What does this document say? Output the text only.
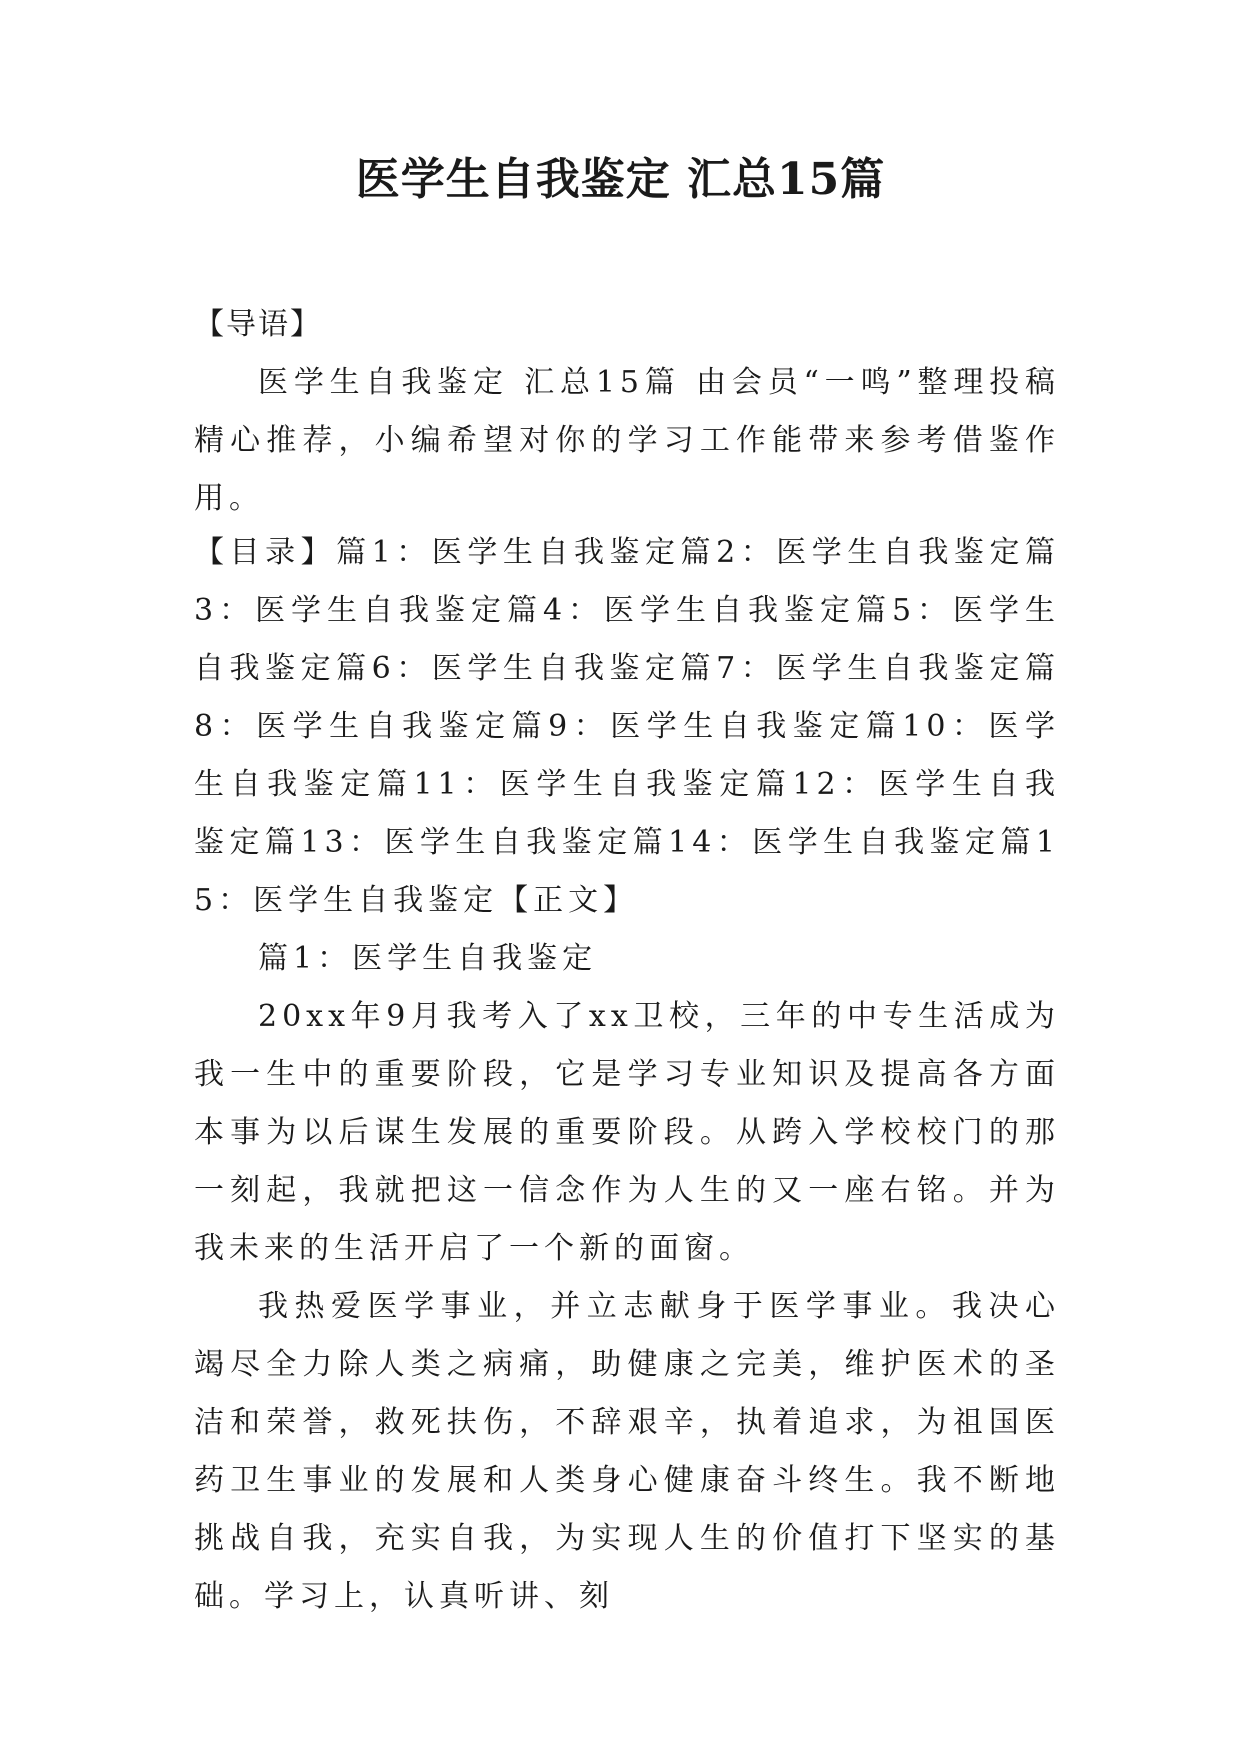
医学生自我鉴定 汇总15篇

【导语】

医学生自我鉴定 汇总15篇 由会员“一鸣”整理投稿精心推荐，小编希望对你的学习工作能带来参考借鉴作用。

【目录】篇1：医学生自我鉴定篇2：医学生自我鉴定篇3：医学生自我鉴定篇4：医学生自我鉴定篇5：医学生自我鉴定篇6：医学生自我鉴定篇7：医学生自我鉴定篇8：医学生自我鉴定篇9：医学生自我鉴定篇10：医学生自我鉴定篇11：医学生自我鉴定篇12：医学生自我鉴定篇13：医学生自我鉴定篇14：医学生自我鉴定篇15：医学生自我鉴定【正文】

篇1：医学生自我鉴定

20xx年9月我考入了xx卫校，三年的中专生活成为我一生中的重要阶段，它是学习专业知识及提高各方面本事为以后谋生发展的重要阶段。从跨入学校校门的那一刻起，我就把这一信念作为人生的又一座右铭。并为我未来的生活开启了一个新的面窗。

我热爱医学事业，并立志献身于医学事业。我决心竭尽全力除人类之病痛，助健康之完美，维护医术的圣洁和荣誉，救死扶伤，不辞艰辛，执着追求，为祖国医药卫生事业的发展和人类身心健康奋斗终生。我不断地挑战自我，充实自我，为实现人生的价值打下坚实的基础。学习上，认真听讲、刻
